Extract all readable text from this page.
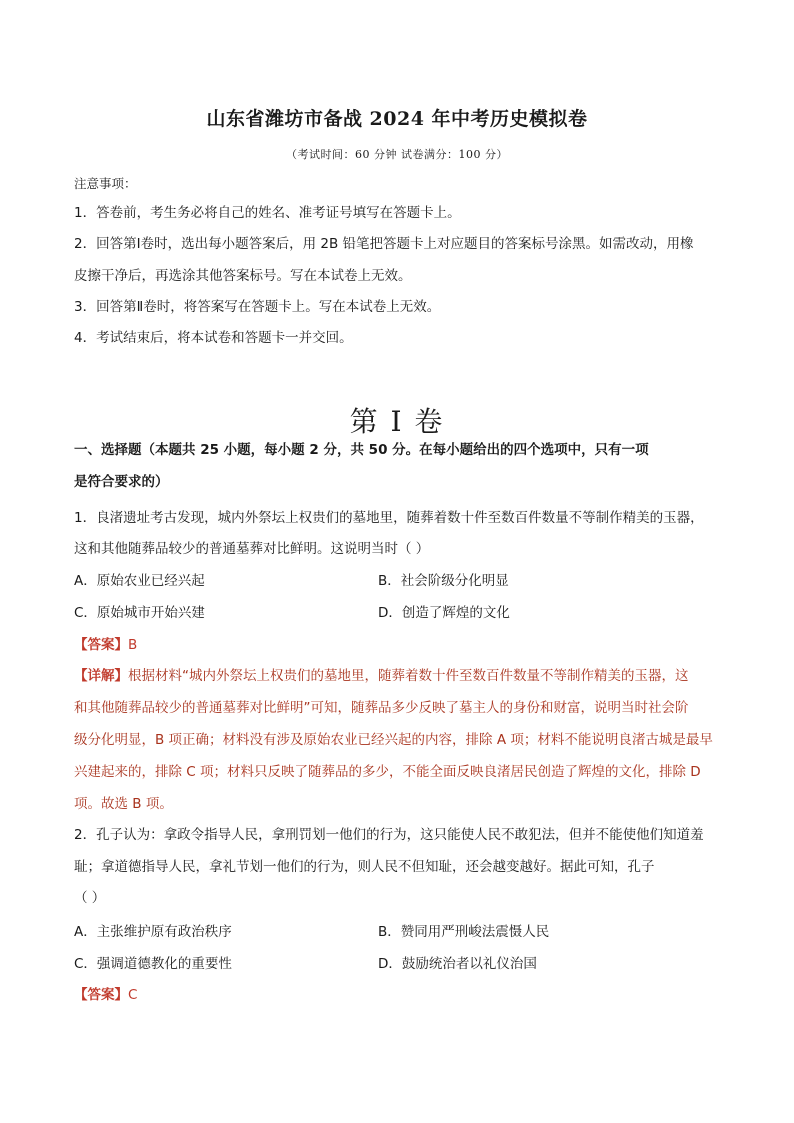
山东省潍坊市备战 2024 年中考历史模拟卷
（考试时间：60 分钟 试卷满分：100 分）
注意事项：
1．答卷前，考生务必将自己的姓名、准考证号填写在答题卡上。
2．回答第Ⅰ卷时，选出每小题答案后，用 2B 铅笔把答题卡上对应题目的答案标号涂黑。如需改动，用橡
皮擦干净后，再选涂其他答案标号。写在本试卷上无效。
3．回答第Ⅱ卷时，将答案写在答题卡上。写在本试卷上无效。
4．考试结束后，将本试卷和答题卡一并交回。
第 I 卷
一、选择题（本题共 25 小题，每小题 2 分，共 50 分。在每小题给出的四个选项中，只有一项
是符合要求的）
1．良渚遗址考古发现，城内外祭坛上权贵们的墓地里，随葬着数十件至数百件数量不等制作精美的玉器，
这和其他随葬品较少的普通墓葬对比鲜明。这说明当时（ ）
A．原始农业已经兴起	B．社会阶级分化明显
C．原始城市开始兴建	D．创造了辉煌的文化
【答案】B
【详解】根据材料“城内外祭坛上权贵们的墓地里，随葬着数十件至数百件数量不等制作精美的玉器，这
和其他随葬品较少的普通墓葬对比鲜明”可知，随葬品多少反映了墓主人的身份和财富，说明当时社会阶
级分化明显，B 项正确；材料没有涉及原始农业已经兴起的内容，排除 A 项；材料不能说明良渚古城是最早
兴建起来的，排除 C 项；材料只反映了随葬品的多少，不能全面反映良渚居民创造了辉煌的文化，排除 D
项。故选 B 项。
2．孔子认为：拿政令指导人民，拿刑罚划一他们的行为，这只能使人民不敢犯法，但并不能使他们知道羞
耻；拿道德指导人民，拿礼节划一他们的行为，则人民不但知耻，还会越变越好。据此可知，孔子
（ ）
A．主张维护原有政治秩序	B．赞同用严刑峻法震慑人民
C．强调道德教化的重要性	D．鼓励统治者以礼仪治国
【答案】C
